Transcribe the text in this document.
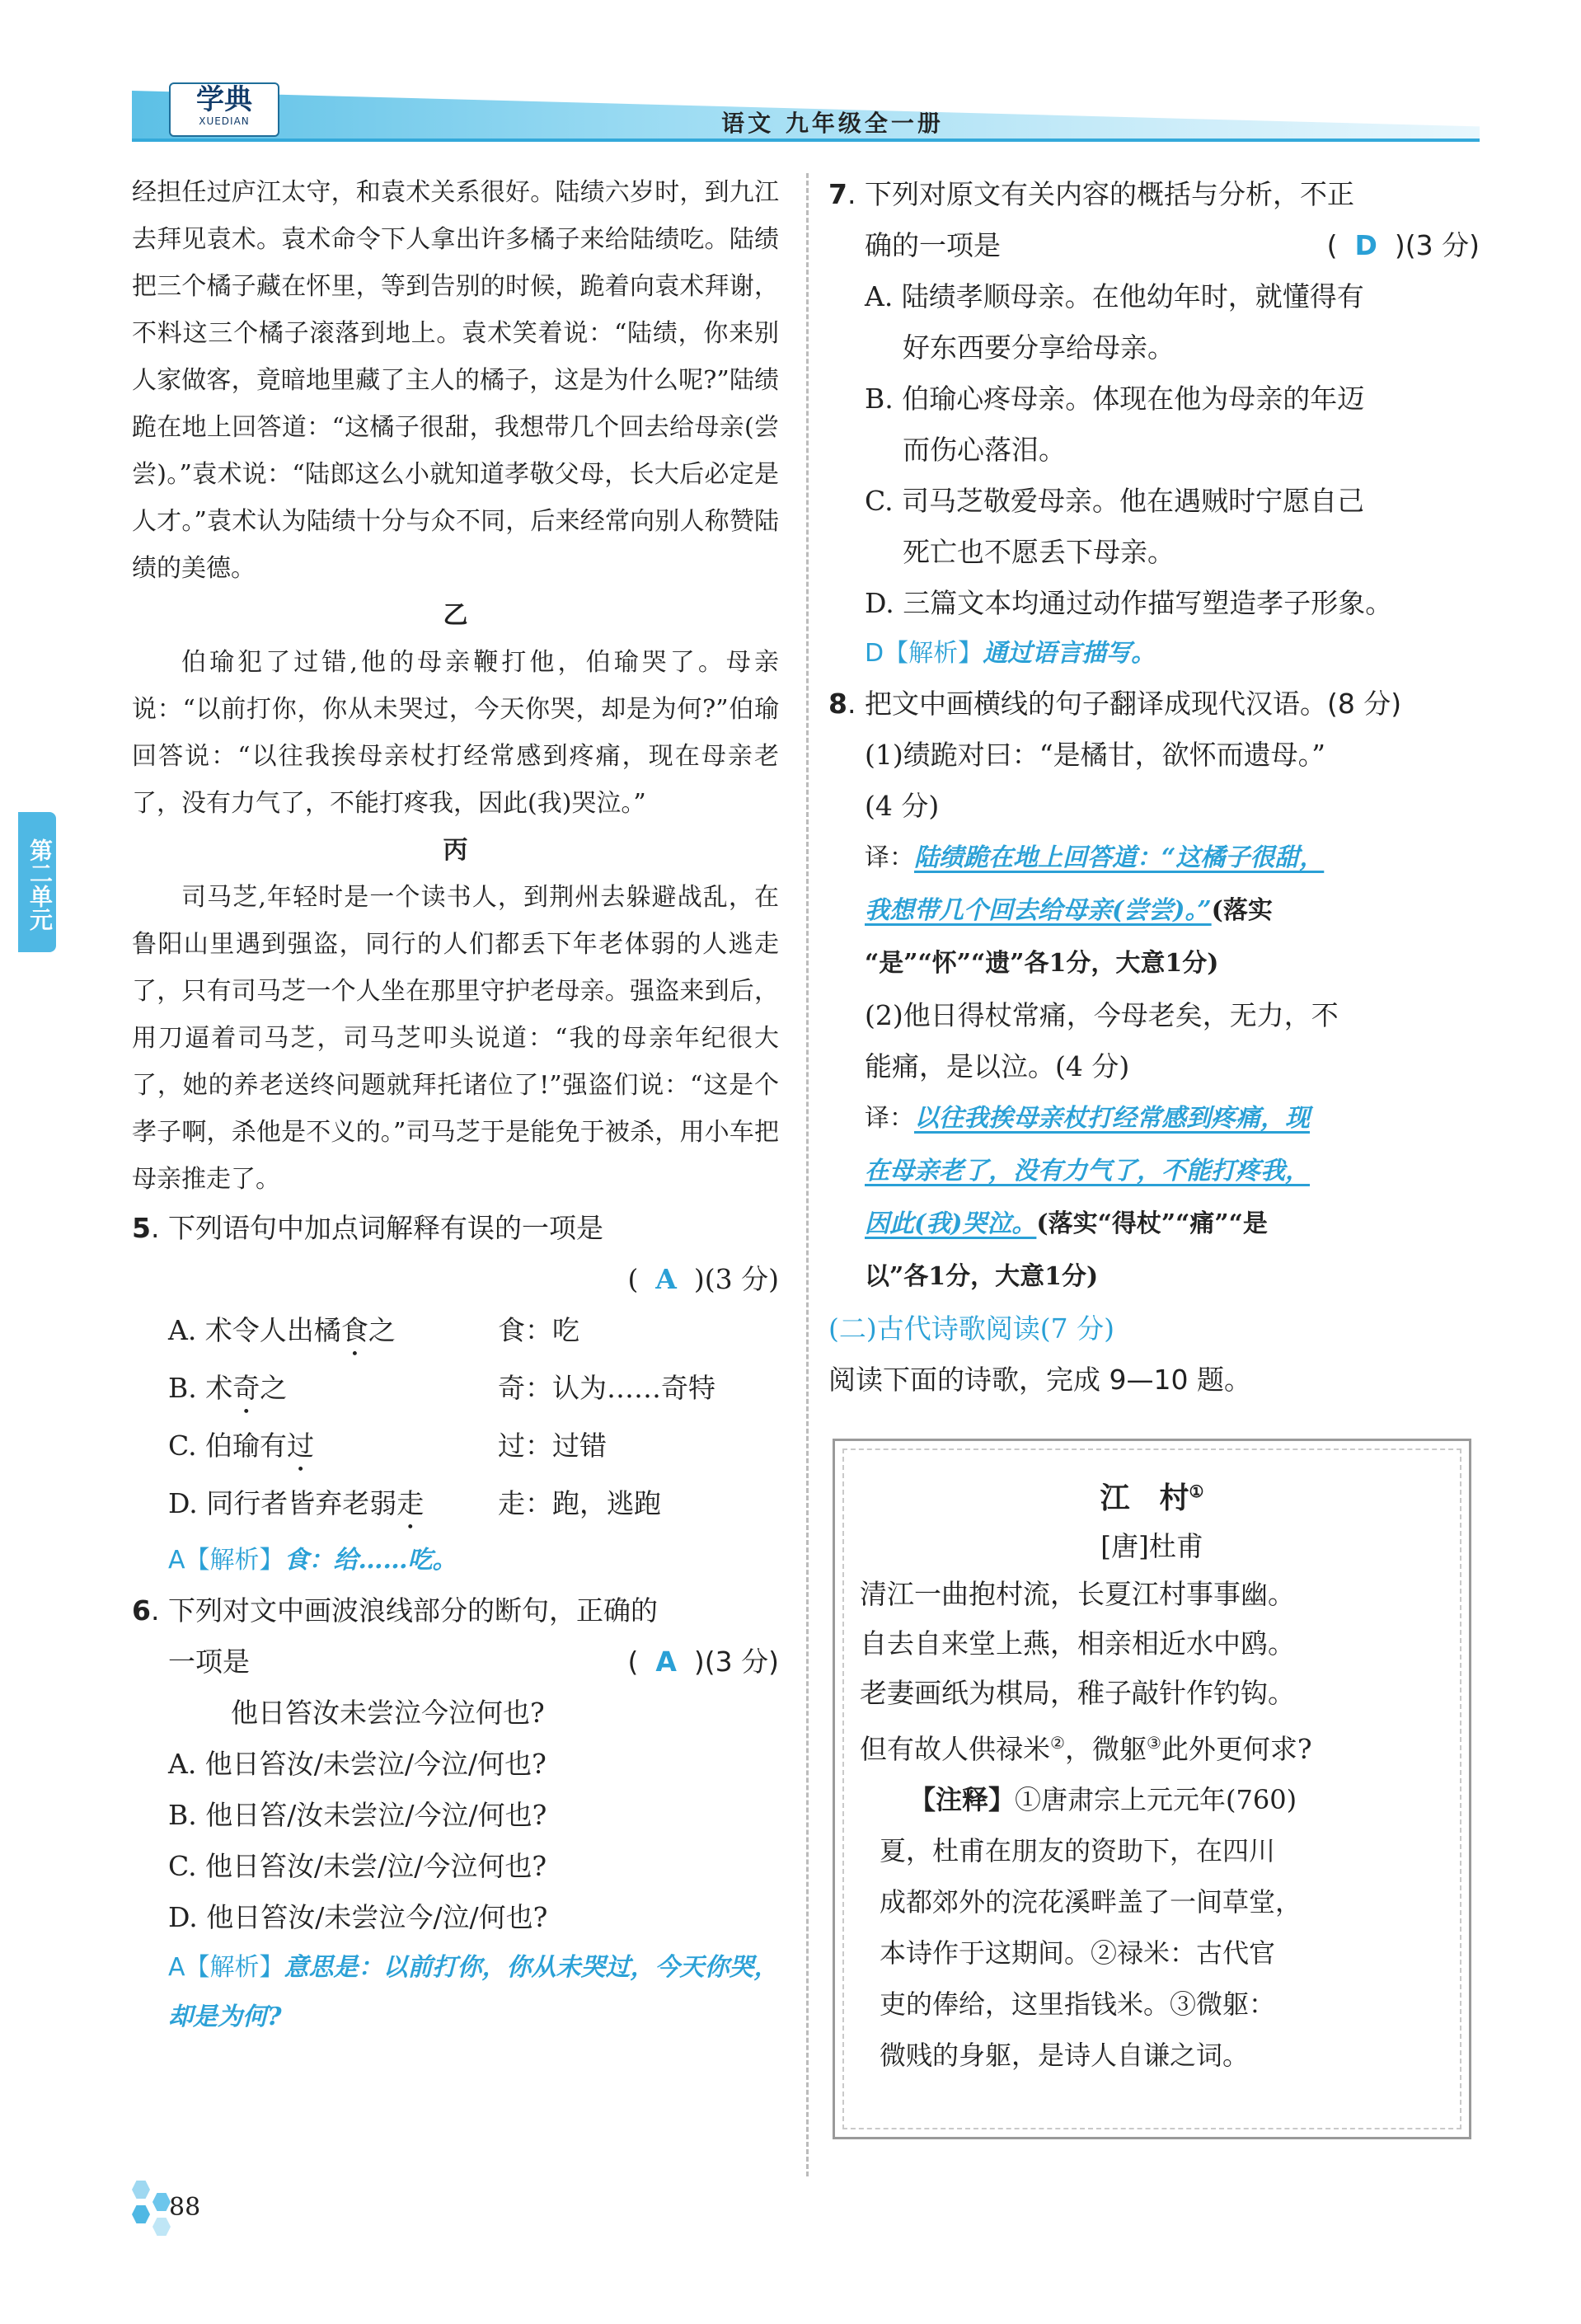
学典
XUEDIAN	语文 九年级全一册
第二单元

经担任过庐江太守，和袁术关系很好。陆绩六岁时，到九江去拜见袁术。袁术命令下人拿出许多橘子来给陆绩吃。陆绩把三个橘子藏在怀里，等到告别的时候，跪着向袁术拜谢，不料这三个橘子滚落到地上。袁术笑着说：“陆绩，你来别人家做客，竟暗地里藏了主人的橘子，这是为什么呢?”陆绩跪在地上回答道：“这橘子很甜，我想带几个回去给母亲(尝尝)。”袁术说：“陆郎这么小就知道孝敬父母，长大后必定是人才。”袁术认为陆绩十分与众不同，后来经常向别人称赞陆绩的美德。

乙

伯瑜犯了过错,他的母亲鞭打他，伯瑜哭了。母亲说：“以前打你，你从未哭过，今天你哭，却是为何?”伯瑜回答说：“以往我挨母亲杖打经常感到疼痛，现在母亲老了，没有力气了，不能打疼我，因此(我)哭泣。”

丙

司马芝,年轻时是一个读书人，到荆州去躲避战乱，在鲁阳山里遇到强盗，同行的人们都丢下年老体弱的人逃走了，只有司马芝一个人坐在那里守护老母亲。强盗来到后，用刀逼着司马芝，司马芝叩头说道：“我的母亲年纪很大了，她的养老送终问题就拜托诸位了!”强盗们说：“这是个孝子啊，杀他是不义的。”司马芝于是能免于被杀，用小车把母亲推走了。

5. 下列语句中加点词解释有误的一项是

( A )(3 分)

A. 术令人出橘食之	食：吃
B. 术奇之	奇：认为……奇特
C. 伯瑜有过	过：过错
D. 同行者皆弃老弱走	走：跑，逃跑

A【解析】食：给……吃。

6. 下列对文中画波浪线部分的断句，正确的

一项是	( A )(3 分)

他日笞汝未尝泣今泣何也?

A. 他日笞汝/未尝泣/今泣/何也?

B. 他日笞/汝未尝泣/今泣/何也?

C. 他日笞汝/未尝/泣/今泣何也?

D. 他日笞汝/未尝泣今/泣/何也?

A【解析】意思是：以前打你，你从未哭过，今天你哭，却是为何?

7. 下列对原文有关内容的概括与分析，不正

确的一项是	( D )(3 分)

A. 陆绩孝顺母亲。在他幼年时，就懂得有

好东西要分享给母亲。

B. 伯瑜心疼母亲。体现在他为母亲的年迈

而伤心落泪。

C. 司马芝敬爱母亲。他在遇贼时宁愿自己

死亡也不愿丢下母亲。

D. 三篇文本均通过动作描写塑造孝子形象。

D【解析】通过语言描写。

8. 把文中画横线的句子翻译成现代汉语。(8 分)

(1)绩跪对曰：“是橘甘，欲怀而遗母。”

(4 分)

译：陆绩跪在地上回答道：“这橘子很甜，

我想带几个回去给母亲(尝尝)。”(落实

“是”“怀”“遗”各1分，大意1分)

(2)他日得杖常痛，今母老矣，无力，不

能痛，是以泣。(4 分)

译：以往我挨母亲杖打经常感到疼痛，现

在母亲老了，没有力气了，不能打疼我，

因此(我)哭泣。(落实“得杖”“痛”“是

以”各1分，大意1分)

(二)古代诗歌阅读(7 分)

阅读下面的诗歌，完成 9—10 题。

江　村①

[唐]杜甫

清江一曲抱村流，长夏江村事事幽。

自去自来堂上燕，相亲相近水中鸥。

老妻画纸为棋局，稚子敲针作钓钩。

但有故人供禄米②，微躯③此外更何求?

【注释】①唐肃宗上元元年(760)

夏，杜甫在朋友的资助下，在四川

成都郊外的浣花溪畔盖了一间草堂，

本诗作于这期间。②禄米：古代官

吏的俸给，这里指钱米。③微躯：

微贱的身躯，是诗人自谦之词。

88
